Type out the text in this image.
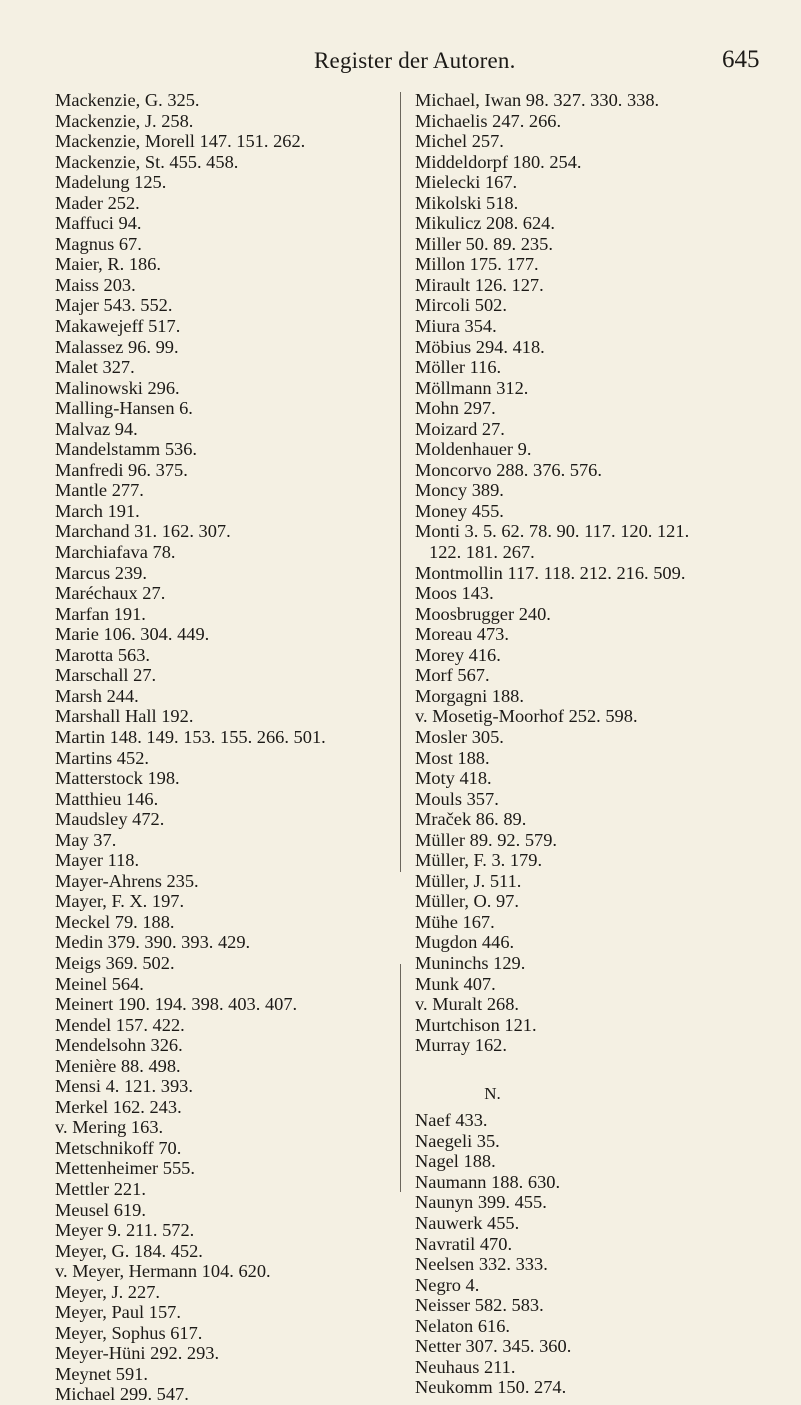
Register der Autoren.	645
Mackenzie, G. 325.
Mackenzie, J. 258.
Mackenzie, Morell 147. 151. 262.
Mackenzie, St. 455. 458.
Madelung 125.
Mader 252.
Maffuci 94.
Magnus 67.
Maier, R. 186.
Maiss 203.
Majer 543. 552.
Makawejeff 517.
Malassez 96. 99.
Malet 327.
Malinowski 296.
Malling-Hansen 6.
Malvaz 94.
Mandelstamm 536.
Manfredi 96. 375.
Mantle 277.
March 191.
Marchand 31. 162. 307.
Marchiafava 78.
Marcus 239.
Maréchaux 27.
Marfan 191.
Marie 106. 304. 449.
Marotta 563.
Marschall 27.
Marsh 244.
Marshall Hall 192.
Martin 148. 149. 153. 155. 266. 501.
Martins 452.
Matterstock 198.
Matthieu 146.
Maudsley 472.
May 37.
Mayer 118.
Mayer-Ahrens 235.
Mayer, F. X. 197.
Meckel 79. 188.
Medin 379. 390. 393. 429.
Meigs 369. 502.
Meinel 564.
Meinert 190. 194. 398. 403. 407.
Mendel 157. 422.
Mendelsohn 326.
Menière 88. 498.
Mensi 4. 121. 393.
Merkel 162. 243.
v. Mering 163.
Metschnikoff 70.
Mettenheimer 555.
Mettler 221.
Meusel 619.
Meyer 9. 211. 572.
Meyer, G. 184. 452.
v. Meyer, Hermann 104. 620.
Meyer, J. 227.
Meyer, Paul 157.
Meyer, Sophus 617.
Meyer-Hüni 292. 293.
Meynet 591.
Michael 299. 547.
Michael, Iwan 98. 327. 330. 338.
Michaelis 247. 266.
Michel 257.
Middeldorpf 180. 254.
Mielecki 167.
Mikolski 518.
Mikulicz 208. 624.
Miller 50. 89. 235.
Millon 175. 177.
Mirault 126. 127.
Mircoli 502.
Miura 354.
Möbius 294. 418.
Möller 116.
Möllmann 312.
Mohn 297.
Moizard 27.
Moldenhauer 9.
Moncorvo 288. 376. 576.
Moncy 389.
Money 455.
Monti 3. 5. 62. 78. 90. 117. 120. 121.
122. 181. 267.
Montmollin 117. 118. 212. 216. 509.
Moos 143.
Moosbrugger 240.
Moreau 473.
Morey 416.
Morf 567.
Morgagni 188.
v. Mosetig-Moorhof 252. 598.
Mosler 305.
Most 188.
Moty 418.
Mouls 357.
Mraček 86. 89.
Müller 89. 92. 579.
Müller, F. 3. 179.
Müller, J. 511.
Müller, O. 97.
Mühe 167.
Mugdon 446.
Muninchs 129.
Munk 407.
v. Muralt 268.
Murtchison 121.
Murray 162.
N.
Naef 433.
Naegeli 35.
Nagel 188.
Naumann 188. 630.
Naunyn 399. 455.
Nauwerk 455.
Navratil 470.
Neelsen 332. 333.
Negro 4.
Neisser 582. 583.
Nelaton 616.
Netter 307. 345. 360.
Neuhaus 211.
Neukomm 150. 274.
